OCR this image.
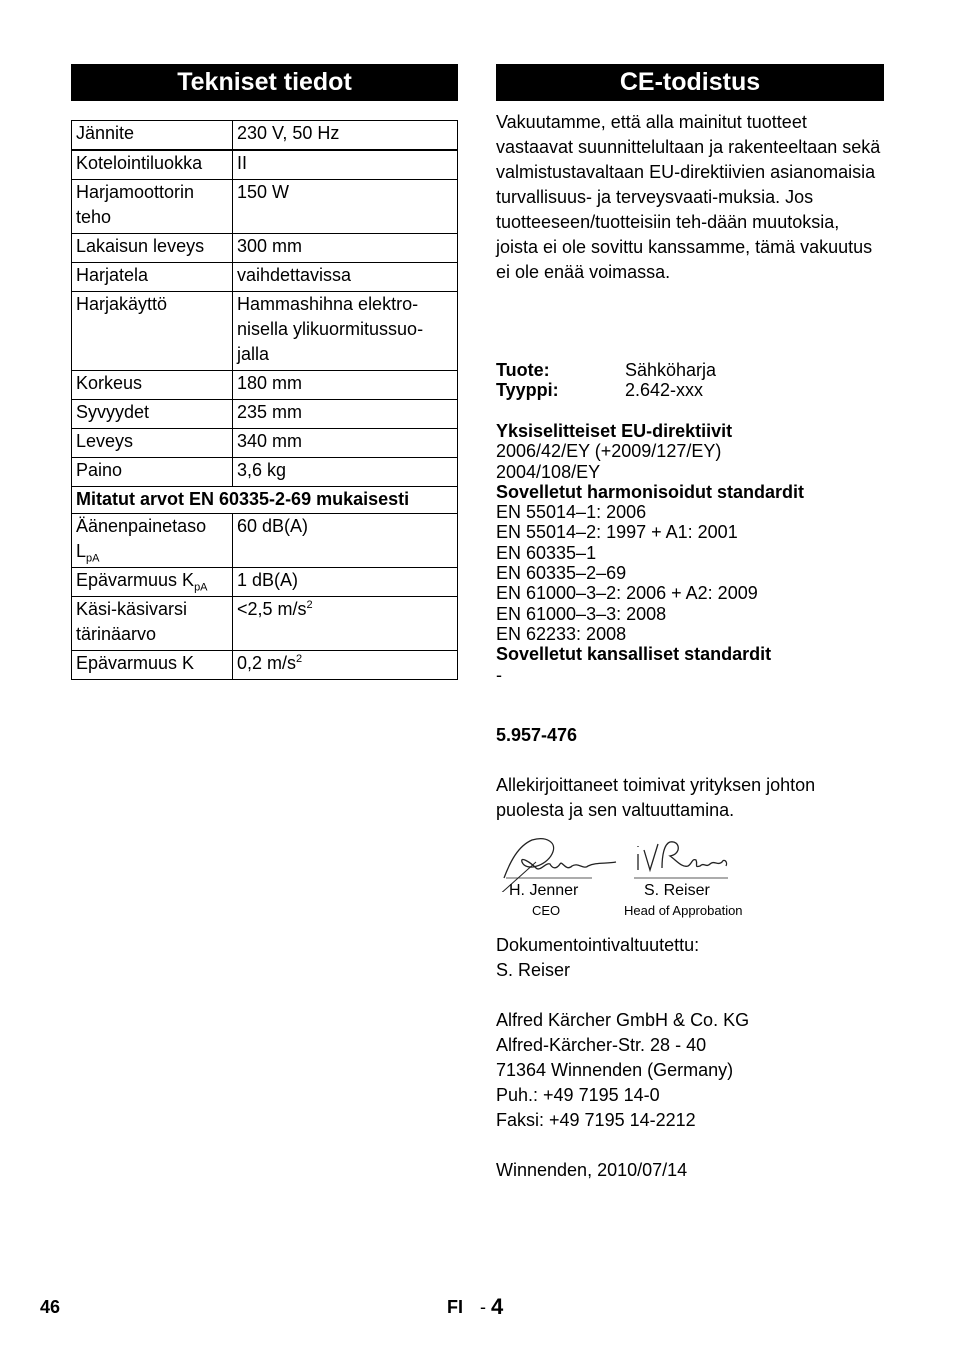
Tekniset tiedot
Jännite	230 V, 50 Hz
Kotelointiluokka	II
Harjamoottorin teho	150 W
Lakaisun leveys	300 mm
Harjatela	vaihdettavissa
Harjakäyttö	Hammashihna elektro-nisella ylikuormitussuo-jalla
Korkeus	180 mm
Syvyydet	235 mm
Leveys	340 mm
Paino	3,6 kg
Mitatut arvot EN 60335-2-69 mukaisesti	
Äänenpainetaso $L_{pA}$	60 dB(A)
Epävarmuus $K_{pA}$	1 dB(A)
Käsi-käsivarsi tärinäarvo	<2,5 $m/s^2$
Epävarmuus K	0,2 $m/s^2$
CE-todistus
Vakuutamme, että alla mainitut tuotteet vastaavat suunnittelultaan ja rakenteeltaan sekä valmistustavaltaan EU-direktiivien asianomaisia turvallisuus- ja terveysvaati-muksia. Jos tuotteeseen/tuotteisiin teh-dään muutoksia, joista ei ole sovittu kanssamme, tämä vakuutus ei ole enää voimassa.
Tuote:	Sähköharja
Tyyppi:	2.642-xxx
Yksiselitteiset EU-direktiivit
2006/42/EY (+2009/127/EY)
2004/108/EY
Sovelletut harmonisoidut standardit
EN 55014–1: 2006
EN 55014–2: 1997 + A1: 2001
EN 60335–1
EN 60335–2–69
EN 61000–3–2: 2006 + A2: 2009
EN 61000–3–3: 2008
EN 62233: 2008
Sovelletut kansalliset standardit
-
5.957-476
Allekirjoittaneet toimivat yrityksen johton puolesta ja sen valtuuttamina.
H. Jenner
CEO
S. Reiser
Head of Approbation
Dokumentointivaltuutettu:
S. Reiser
Alfred Kärcher GmbH & Co. KG
Alfred-Kärcher-Str. 28 - 40
71364 Winnenden (Germany)
Puh.: +49 7195 14-0
Faksi: +49 7195 14-2212
Winnenden, 2010/07/14
46	FI - 4
